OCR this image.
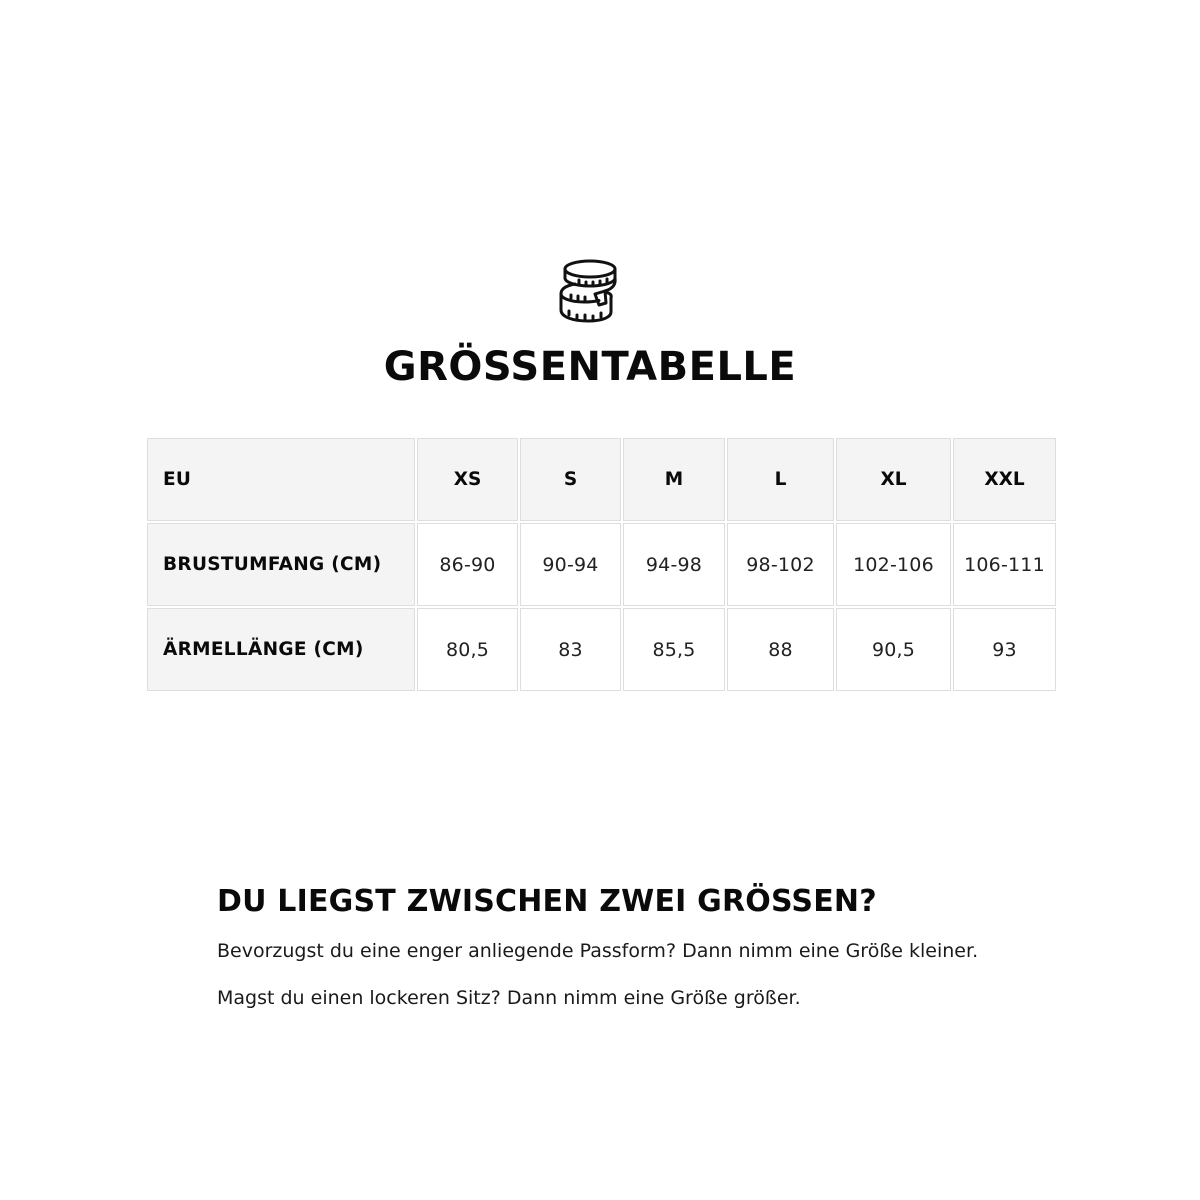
GRÖSSENTABELLE
EU	XS	S	M	L	XL	XXL
BRUSTUMFANG (CM)	86-90	90-94	94-98	98-102	102-106	106-111
ÄRMELLÄNGE (CM)	80,5	83	85,5	88	90,5	93
DU LIEGST ZWISCHEN ZWEI GRÖSSEN?

Bevorzugst du eine enger anliegende Passform? Dann nimm eine Größe kleiner.

Magst du einen lockeren Sitz? Dann nimm eine Größe größer.
